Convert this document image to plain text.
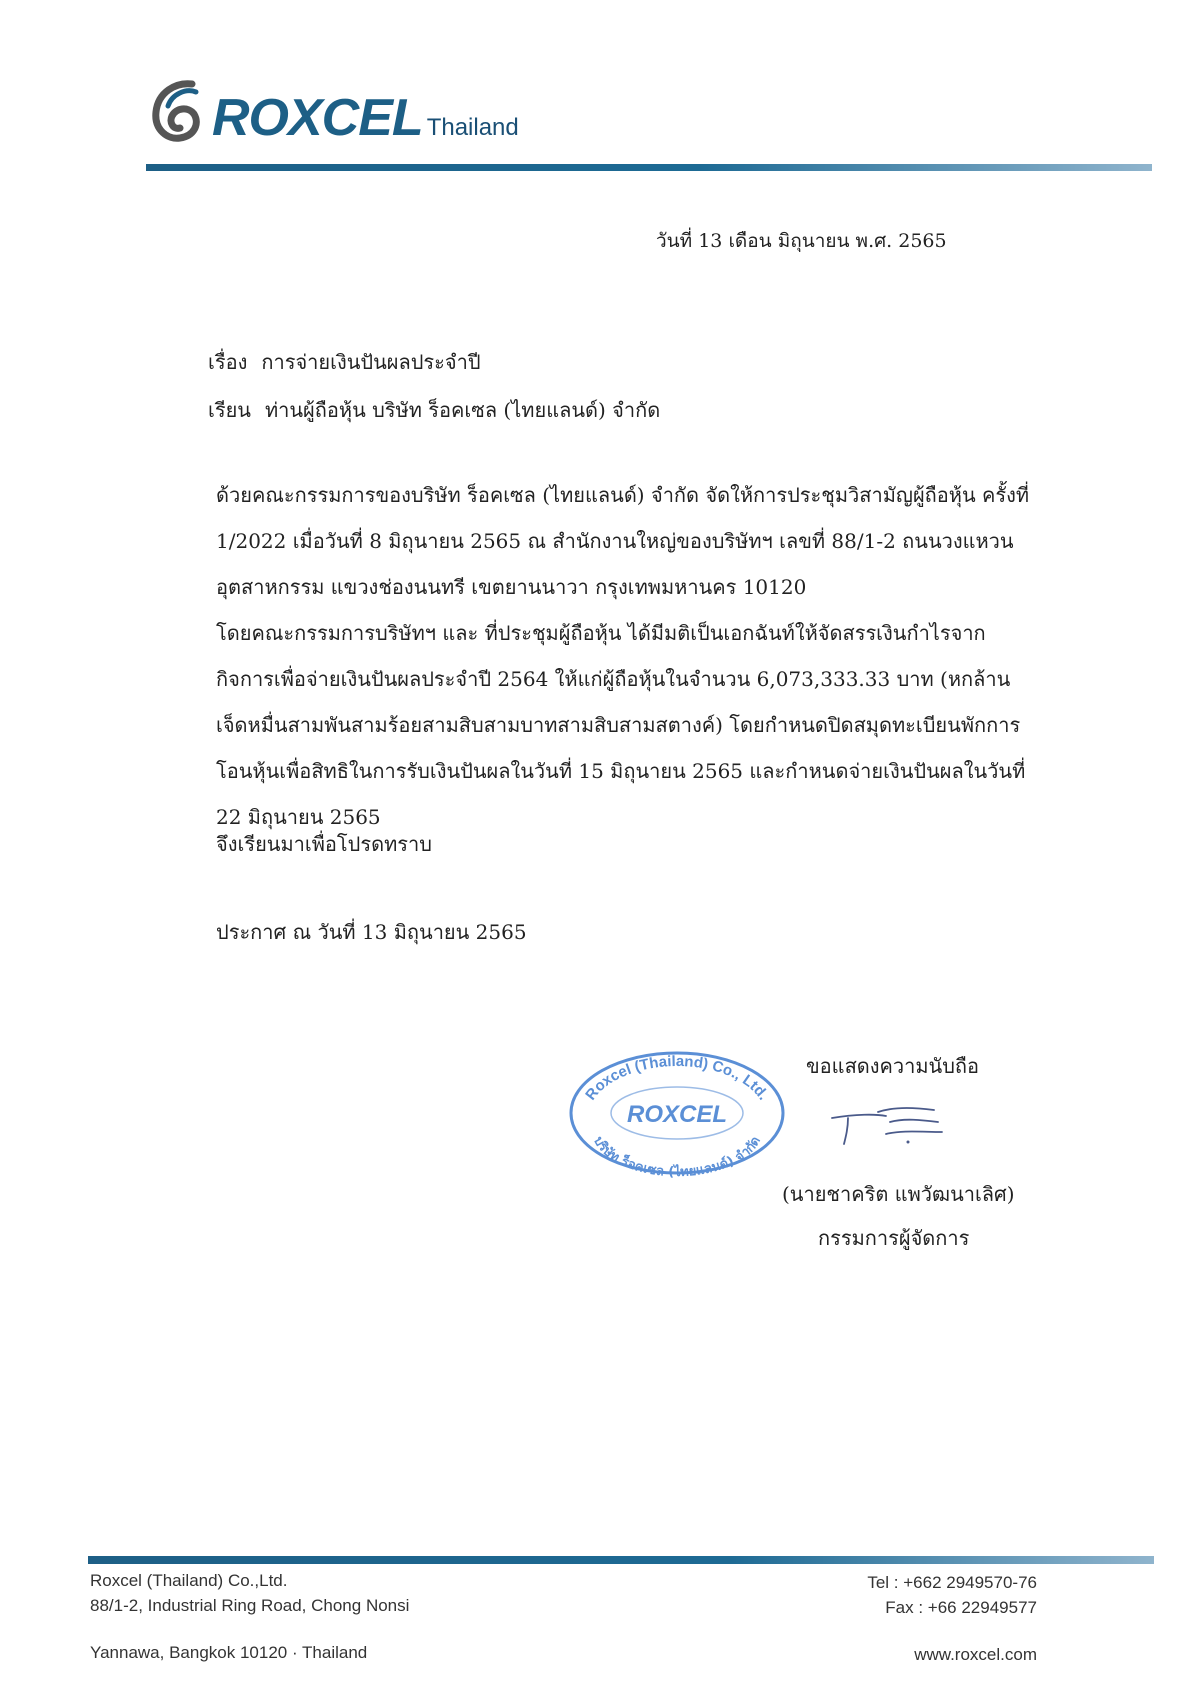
ROXCEL Thailand
วันที่ 13 เดือน มิถุนายน พ.ศ. 2565
เรื่อง การจ่ายเงินปันผลประจำปี
เรียน ท่านผู้ถือหุ้น บริษัท ร็อคเซล (ไทยแลนด์) จำกัด

ด้วยคณะกรรมการของบริษัท ร็อคเซล (ไทยแลนด์) จำกัด จัดให้การประชุมวิสามัญผู้ถือหุ้น ครั้งที่ 1/2022 เมื่อวันที่ 8 มิถุนายน 2565 ณ สำนักงานใหญ่ของบริษัทฯ เลขที่ 88/1-2 ถนนวงแหวนอุตสาหกรรม แขวงช่องนนทรี เขตยานนาวา กรุงเทพมหานคร 10120

โดยคณะกรรมการบริษัทฯ และ ที่ประชุมผู้ถือหุ้น ได้มีมติเป็นเอกฉันท์ให้จัดสรรเงินกำไรจากกิจการเพื่อจ่ายเงินปันผลประจำปี 2564 ให้แก่ผู้ถือหุ้นในจำนวน 6,073,333.33 บาท (หกล้านเจ็ดหมื่นสามพันสามร้อยสามสิบสามบาทสามสิบสามสตางค์) โดยกำหนดปิดสมุดทะเบียนพักการ โอนหุ้นเพื่อสิทธิในการรับเงินปันผลในวันที่ 15 มิถุนายน 2565 และกำหนดจ่ายเงินปันผลในวันที่ 22 มิถุนายน 2565

จึงเรียนมาเพื่อโปรดทราบ
ประกาศ ณ วันที่ 13 มิถุนายน 2565
ขอแสดงความนับถือ
Roxcel (Thailand) Co., Ltd.
ROXCEL
บริษัท ร็อคเซล (ไทยแลนด์) จำกัด
(นายชาคริต แพวัฒนาเลิศ)
กรรมการผู้จัดการ
Roxcel (Thailand) Co.,Ltd.
88/1-2, Industrial Ring Road, Chong Nonsi
Yannawa, Bangkok 10120 · Thailand
Tel : +662 2949570-76
Fax : +66 22949577
www.roxcel.com
